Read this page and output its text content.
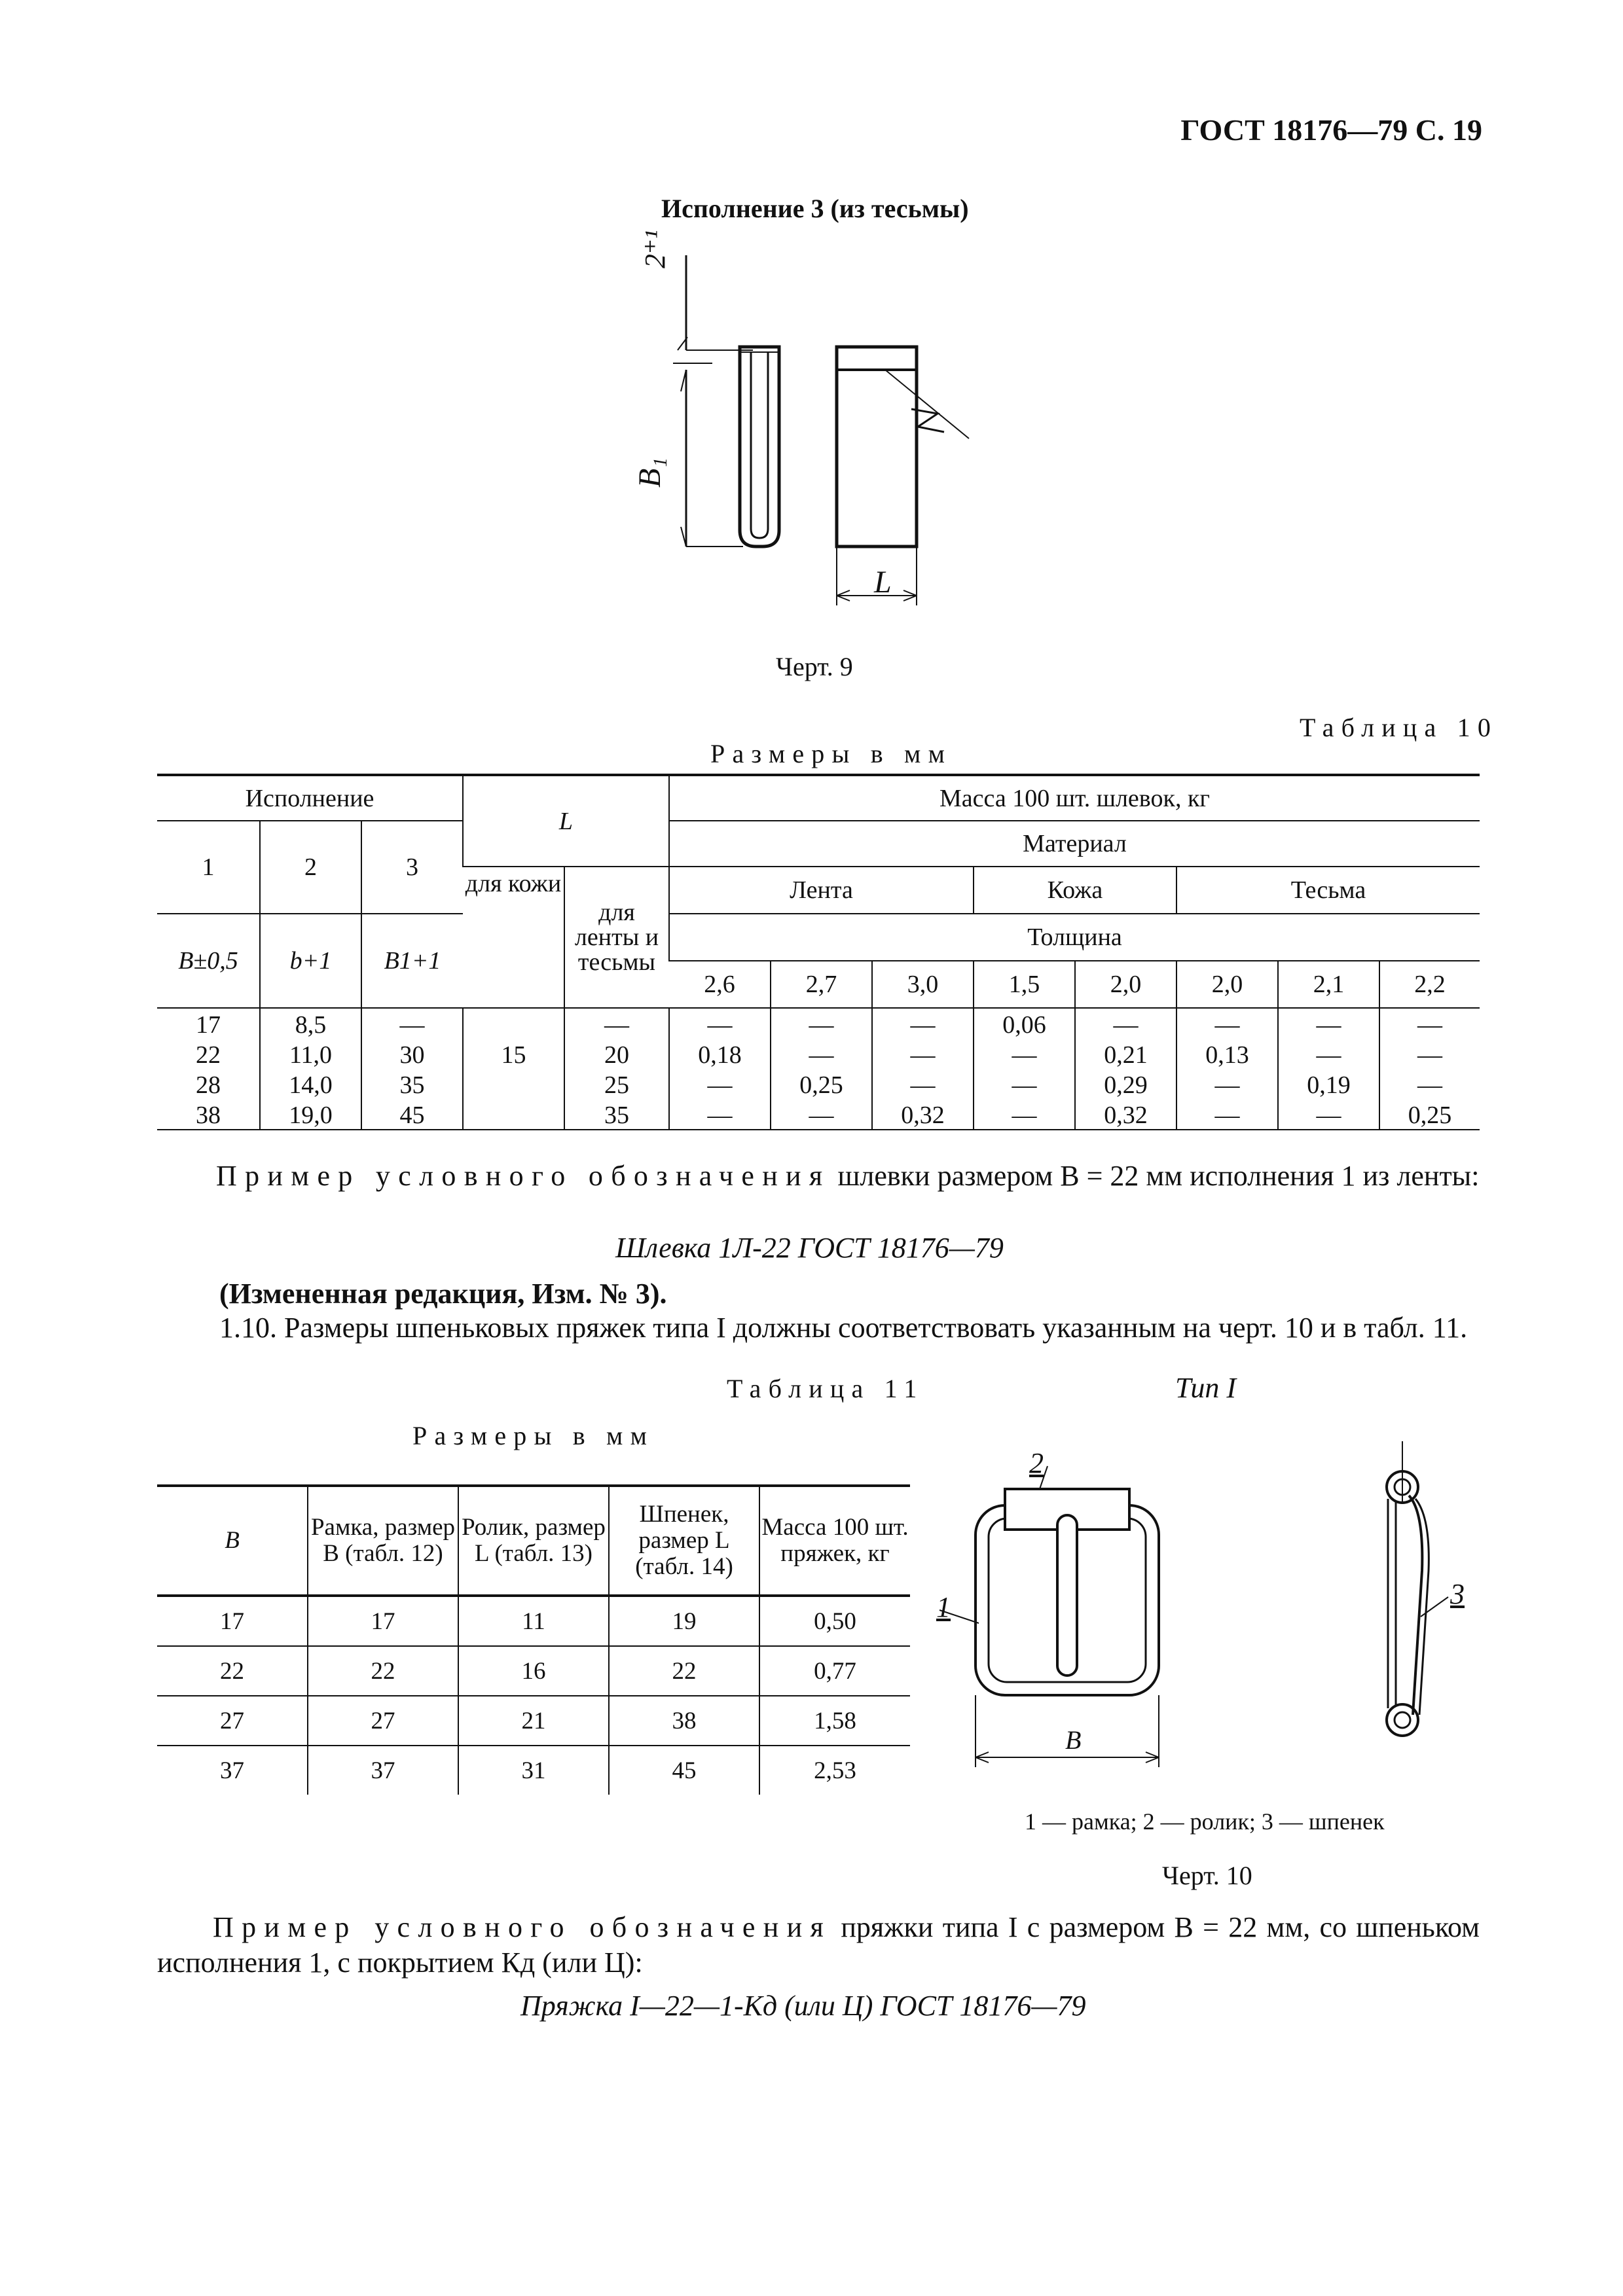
ГОСТ 18176—79 С. 19
Исполнение 3 (из тесьмы)
2⁺¹
B₁
L
Черт. 9
Таблица 10
Размеры в мм
Исполнение			L		Масса 100 шт. шлевок, кг							
1	2	3			Материал							
			для кожи	для ленты и тесьмы	Лента			Кожа		Тесьма		
B±0,5	b+1	B1+1			Толщина							
					2,6	2,7	3,0	1,5	2,0	2,0	2,1	2,2
17	8,5	—		—	—	—	—	0,06	—	—	—	—
22	11,0	30	15	20	0,18	—	—	—	0,21	0,13	—	—
28	14,0	35		25	—	0,25	—	—	0,29	—	0,19	—
38	19,0	45		35	—	—	0,32	—	0,32	—	—	0,25
Пример условного обозначения шлевки размером B = 22 мм исполнения 1 из ленты:
Шлевка 1Л-22 ГОСТ 18176—79
(Измененная редакция, Изм. № 3).
1.10. Размеры шпеньковых пряжек типа I должны соответствовать указанным на черт. 10 и в табл. 11.
Таблица 11
Размеры в мм
B	Рамка, размер B (табл. 12)	Ролик, размер L (табл. 13)	Шпенек, размер L (табл. 14)	Масса 100 шт. пряжек, кг
17	17	11	19	0,50
22	22	16	22	0,77
27	27	21	38	1,58
37	37	31	45	2,53
Тип I
2
1	3
B
1 — рамка; 2 — ролик; 3 — шпенек
Черт. 10
Пример условного обозначения пряжки типа I с размером B = 22 мм, со шпеньком исполнения 1, с покрытием Кд (или Ц):
Пряжка I—22—1-Кд (или Ц) ГОСТ 18176—79
